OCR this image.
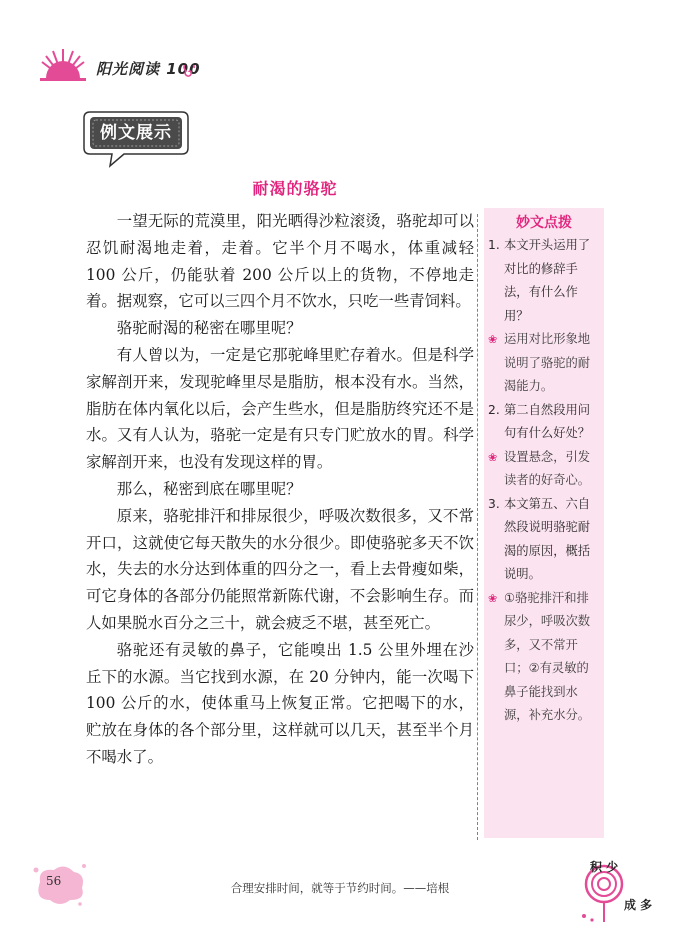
阳光阅读 100
例文展示
耐渴的骆驼

一望无际的荒漠里，阳光晒得沙粒滚烫，骆驼却可以忍饥耐渴地走着，走着。它半个月不喝水，体重减轻 100 公斤，仍能驮着 200 公斤以上的货物，不停地走着。据观察，它可以三四个月不饮水，只吃一些青饲料。

骆驼耐渴的秘密在哪里呢？

有人曾以为，一定是它那驼峰里贮存着水。但是科学家解剖开来，发现驼峰里尽是脂肪，根本没有水。当然，脂肪在体内氧化以后，会产生些水，但是脂肪终究还不是水。又有人认为，骆驼一定是有只专门贮放水的胃。科学家解剖开来，也没有发现这样的胃。

那么，秘密到底在哪里呢？

原来，骆驼排汗和排尿很少，呼吸次数很多，又不常开口，这就使它每天散失的水分很少。即使骆驼多天不饮水，失去的水分达到体重的四分之一，看上去骨瘦如柴，可它身体的各部分仍能照常新陈代谢，不会影响生存。而人如果脱水百分之三十，就会疲乏不堪，甚至死亡。

骆驼还有灵敏的鼻子，它能嗅出 1.5 公里外埋在沙丘下的水源。当它找到水源，在 20 分钟内，能一次喝下 100 公斤的水，使体重马上恢复正常。它把喝下的水，贮放在身体的各个部分里，这样就可以几天，甚至半个月不喝水了。

妙文点拨
1. 本文开头运用了对比的修辞手法，有什么作用？
❀ 运用对比形象地说明了骆驼的耐渴能力。
2. 第二自然段用问句有什么好处？
❀ 设置悬念，引发读者的好奇心。
3. 本文第五、六自然段说明骆驼耐渴的原因，概括说明。
❀ ①骆驼排汗和排尿少，呼吸次数多，又不常开口；②有灵敏的鼻子能找到水源，补充水分。
56	合理安排时间，就等于节约时间。——培根
积 少
成 多
